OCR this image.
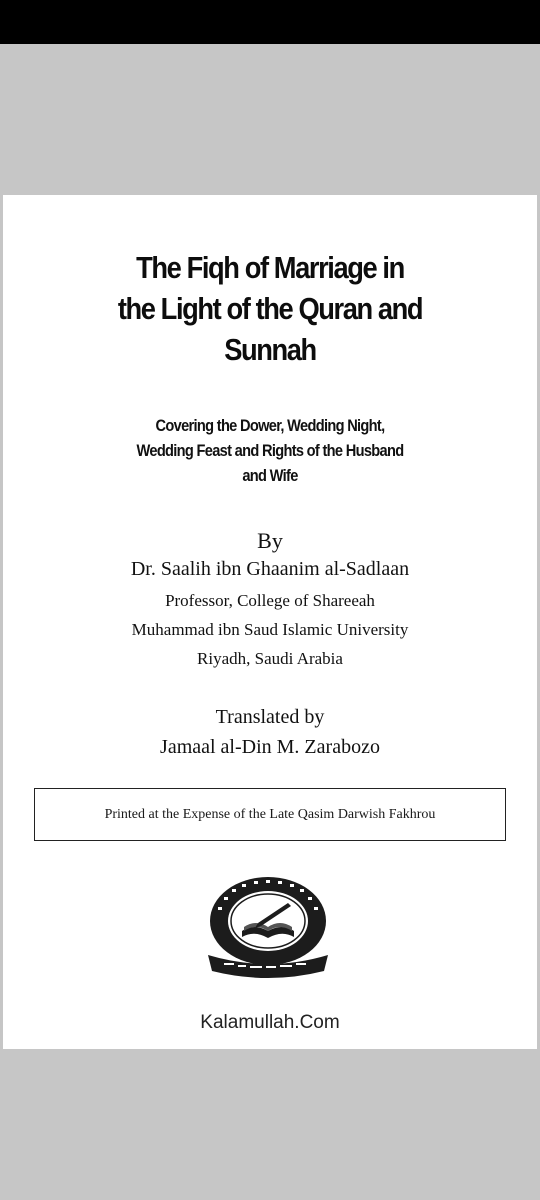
The Fiqh of Marriage in
the Light of the Quran and
Sunnah
Covering the Dower, Wedding Night,
Wedding Feast and Rights of the Husband
and Wife
By
Dr. Saalih ibn Ghaanim al-Sadlaan
Professor, College of Shareeah
Muhammad ibn Saud Islamic University
Riyadh, Saudi Arabia
Translated by
Jamaal al-Din M. Zarabozo
Printed at the Expense of the Late Qasim Darwish Fakhrou
Kalamullah.Com
